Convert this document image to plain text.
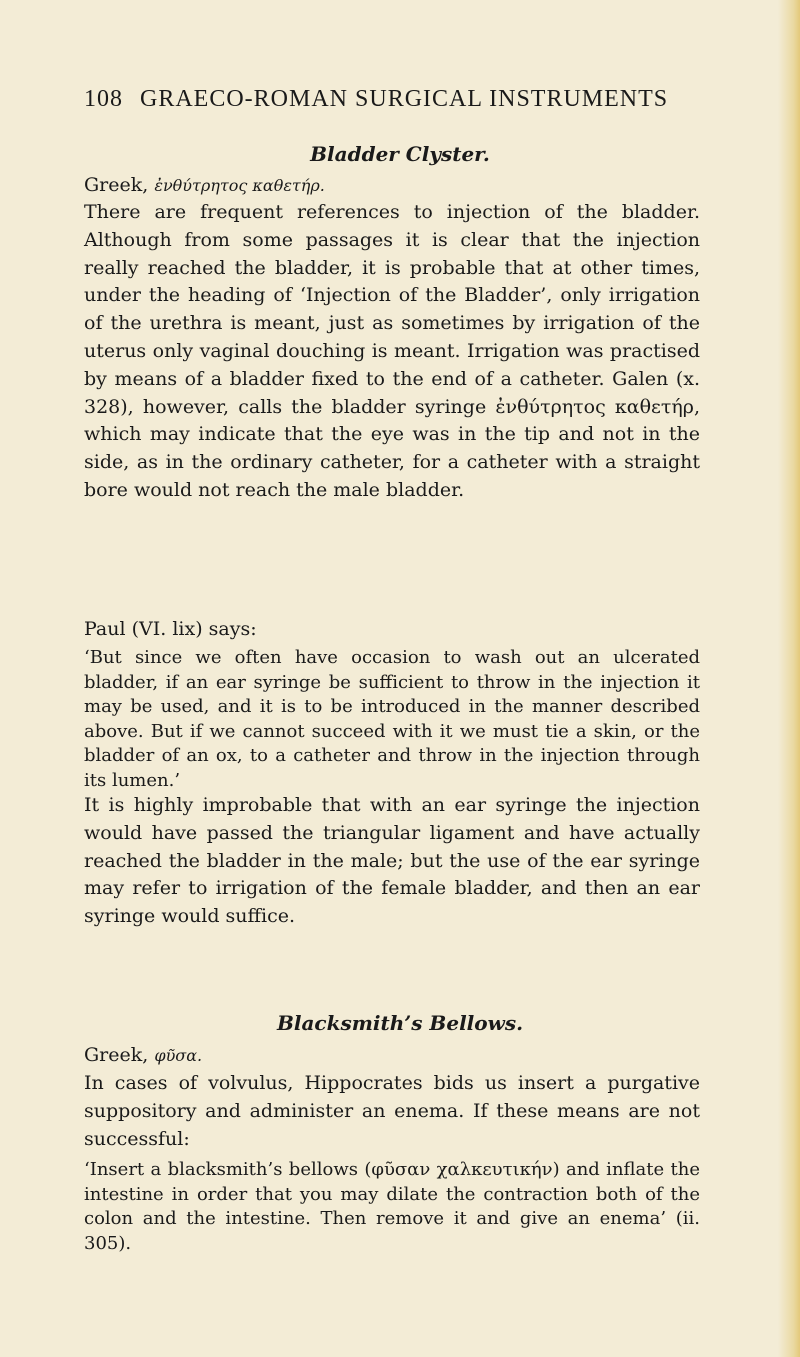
108 GRAECO-ROMAN SURGICAL INSTRUMENTS
Bladder Clyster.
Greek, ἐνθύτρητος καθετήρ.

There are frequent references to injection of the bladder. Although from some passages it is clear that the injection really reached the bladder, it is probable that at other times, under the heading of ‘Injection of the Bladder’, only irrigation of the urethra is meant, just as sometimes by irrigation of the uterus only vaginal douching is meant. Irrigation was practised by means of a bladder fixed to the end of a catheter. Galen (x. 328), however, calls the bladder syringe ἐνθύτρητος καθετήρ, which may indicate that the eye was in the tip and not in the side, as in the ordinary catheter, for a catheter with a straight bore would not reach the male bladder.

Paul (VI. lix) says:

‘But since we often have occasion to wash out an ulcerated bladder, if an ear syringe be sufficient to throw in the injection it may be used, and it is to be introduced in the manner described above. But if we cannot succeed with it we must tie a skin, or the bladder of an ox, to a catheter and throw in the injection through its lumen.’

It is highly improbable that with an ear syringe the injection would have passed the triangular ligament and have actually reached the bladder in the male; but the use of the ear syringe may refer to irrigation of the female bladder, and then an ear syringe would suffice.

Blacksmith’s Bellows.
Greek, φῦσα.

In cases of volvulus, Hippocrates bids us insert a purgative suppository and administer an enema. If these means are not successful:

‘Insert a blacksmith’s bellows (φῦσαν χαλκευτικήν) and inflate the intestine in order that you may dilate the contraction both of the colon and the intestine. Then remove it and give an enema’ (ii. 305).
